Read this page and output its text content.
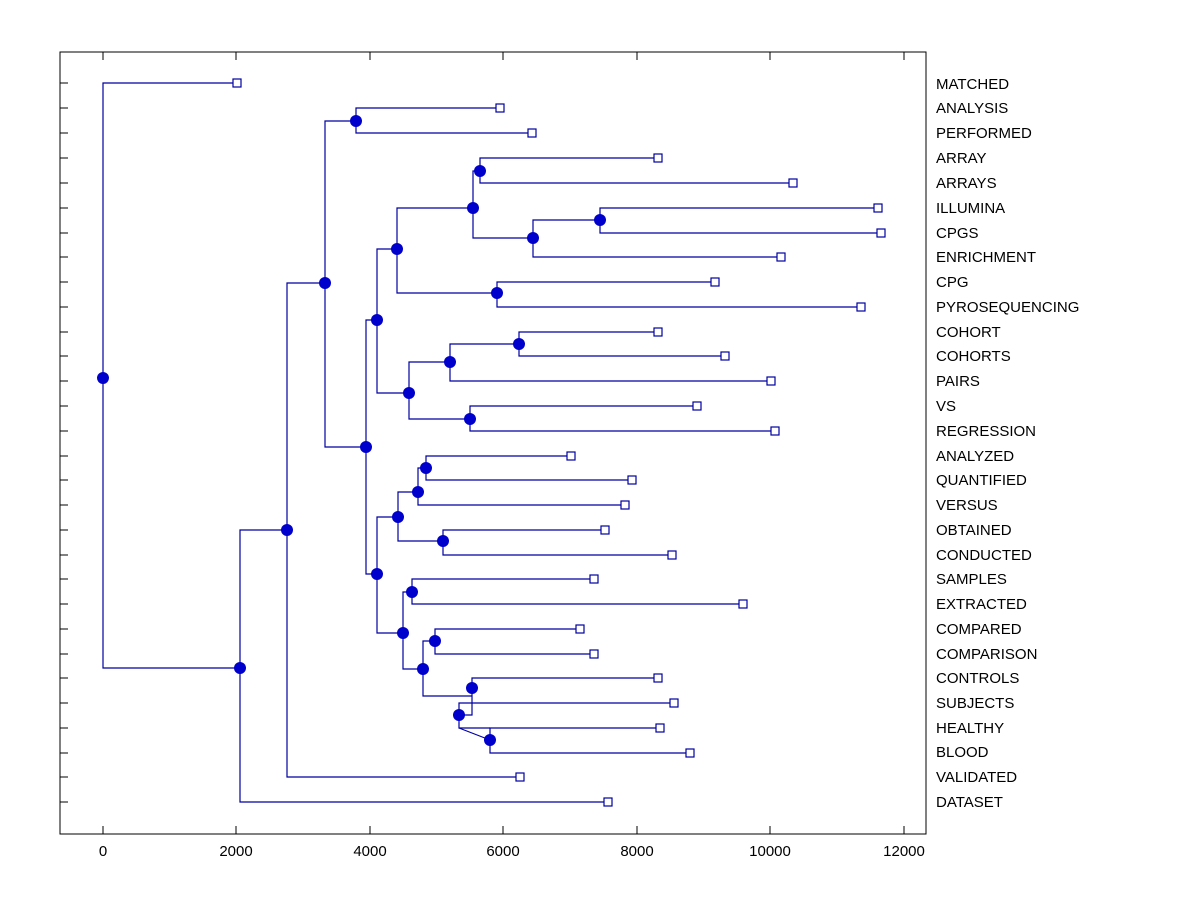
MATCHED
ANALYSIS
PERFORMED
ARRAY
ARRAYS
ILLUMINA
CPGS
ENRICHMENT
CPG
PYROSEQUENCING
COHORT
COHORTS
PAIRS
VS
REGRESSION
ANALYZED
QUANTIFIED
VERSUS
OBTAINED
CONDUCTED
SAMPLES
EXTRACTED
COMPARED
COMPARISON
CONTROLS
SUBJECTS
HEALTHY
BLOOD
VALIDATED
DATASET
0	2000	4000	6000	8000	10000	12000
